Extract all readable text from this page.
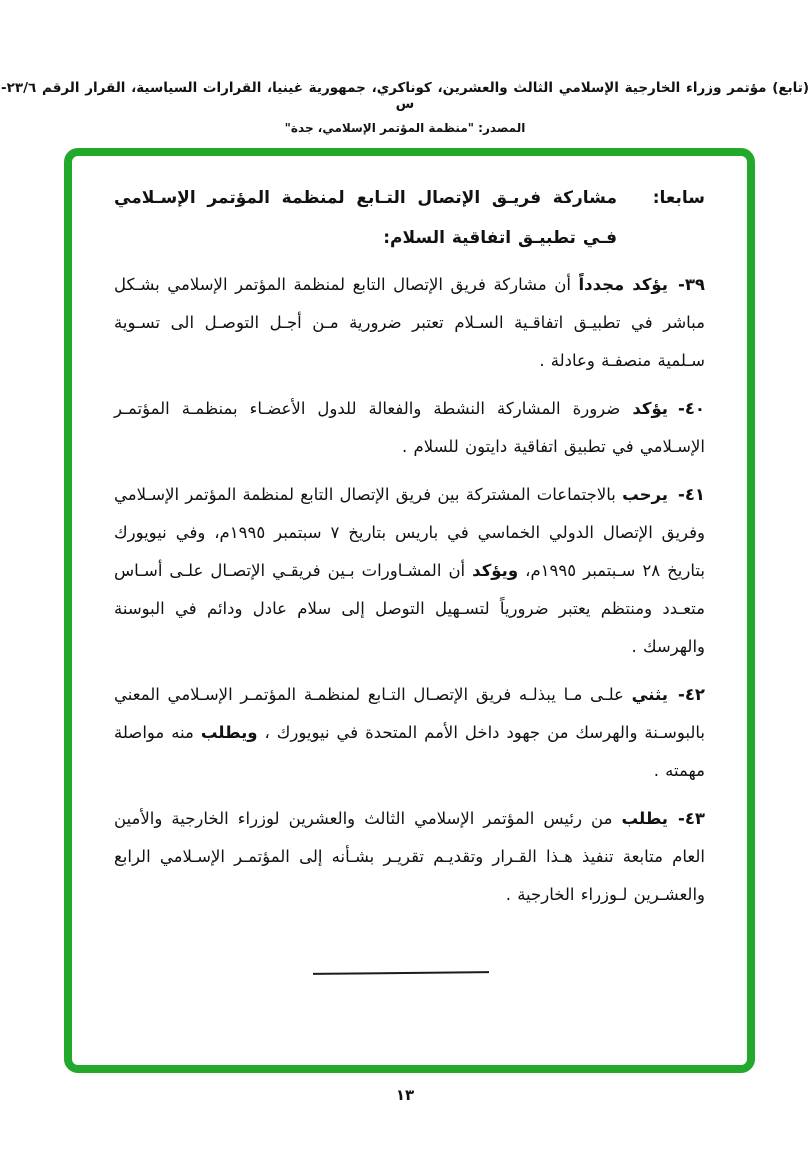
(تابع) مؤتمر وزراء الخارجية الإسلامي الثالث والعشرين، كوناكري، جمهورية غينيا، القرارات السياسية، القرار الرقم ٢٣/٦-س
المصدر: "منظمة المؤتمر الإسلامي، جدة"
سابعا:
مشاركة فريـق الإتصال التـابع لمنظمة المؤتمر الإسـلامي فـي تطبيـق اتفاقية السلام:
٣٩-يؤكد مجدداً أن مشاركة فريق الإتصال التابع لمنظمة المؤتمر الإسلامي بشـكل مباشر في تطبيـق اتفاقـية السـلام تعتبر ضرورية مـن أجـل التوصـل الى تسـوية سـلمية منصفـة وعادلة .
٤٠-يؤكد ضرورة المشاركة النشطة والفعالة للدول الأعضـاء بمنظمـة المؤتمـر الإسـلامي في تطبيق اتفاقية دايتون للسلام .
٤١-يرحب بالاجتماعات المشتركة بين فريق الإتصال التابع لمنظمة المؤتمر الإسـلامي وفريق الإتصال الدولي الخماسي في باريس بتاريخ ٧ سبتمبر ١٩٩٥م، وفي نيويورك بتاريخ ٢٨ سـبتمبر ١٩٩٥م، ويؤكد أن المشـاورات بـين فريقـي الإتصـال علـى أسـاس متعـدد ومنتظم يعتبر ضرورياً لتسـهيل التوصل إلى سلام عادل ودائم في البوسنة والهرسك .
٤٢-يثني علـى مـا يبذلـه فريق الإتصـال التـابع لمنظمـة المؤتمـر الإسـلامي المعني بالبوسـنة والهرسك من جهود داخل الأمم المتحدة في نيويورك ، ويطلب منه مواصلة مهمته .
٤٣-يطلب من رئيس المؤتمر الإسلامي الثالث والعشرين لوزراء الخارجية والأمين العام متابعة تنفيذ هـذا القـرار وتقديـم تقريـر بشـأنه إلى المؤتمـر الإسـلامي الرابع والعشـرين لـوزراء الخارجية .
١٣
